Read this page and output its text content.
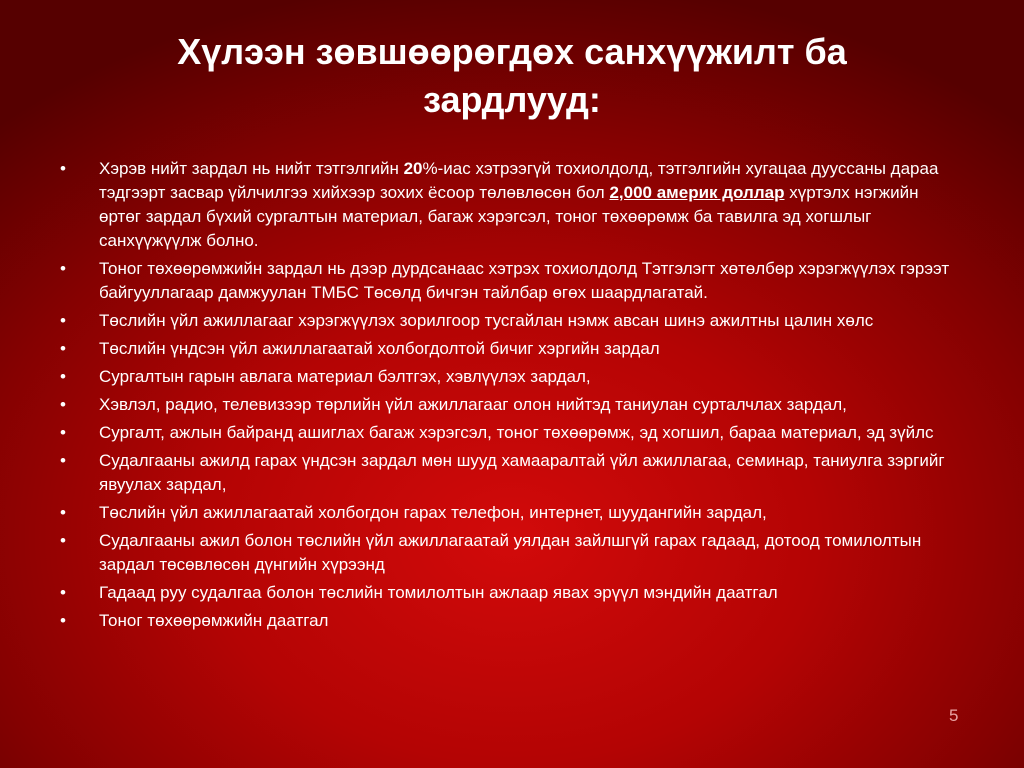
Хүлээн зөвшөөрөгдөх санхүүжилт ба зардлууд:
• Хэрэв нийт зардал нь нийт тэтгэлгийн 20%-иас хэтрээгүй тохиолдолд, тэтгэлгийн хугацаа дууссаны дараа тэдгээрт засвар үйлчилгээ хийхээр зохих ёсоор төлөвлөсөн бол 2,000 америк доллар хүртэлх нэгжийн өртөг зардал бүхий сургалтын материал, багаж хэрэгсэл, тоног төхөөрөмж ба тавилга эд хогшлыг санхүүжүүлж болно.
• Тоног төхөөрөмжийн зардал нь дээр дурдсанаас хэтрэх тохиолдолд Тэтгэлэгт хөтөлбөр хэрэгжүүлэх гэрээт байгууллагаар дамжуулан ТМБС Төсөлд бичгэн тайлбар өгөх шаардлагатай.
• Төслийн үйл ажиллагааг хэрэгжүүлэх зорилгоор тусгайлан нэмж авсан шинэ ажилтны цалин хөлс
• Төслийн үндсэн үйл ажиллагаатай холбогдолтой бичиг хэргийн зардал
• Сургалтын гарын авлага материал бэлтгэх, хэвлүүлэх зардал,
• Хэвлэл, радио, телевизээр төрлийн үйл ажиллагааг олон нийтэд таниулан сурталчлах зардал,
• Сургалт, ажлын байранд ашиглах багаж хэрэгсэл, тоног төхөөрөмж, эд хогшил, бараа материал, эд зүйлс
• Судалгааны ажилд гарах үндсэн зардал мөн шууд хамааралтай үйл ажиллагаа, семинар, таниулга зэргийг явуулах зардал,
• Төслийн үйл ажиллагаатай холбогдон гарах телефон, интернет, шуудангийн зардал,
• Судалгааны ажил болон төслийн үйл ажиллагаатай уялдан зайлшгүй гарах гадаад, дотоод томилолтын зардал төсөвлөсөн дүнгийн хүрээнд
• Гадаад руу судалгаа болон төслийн томилолтын ажлаар явах эрүүл мэндийн даатгал
• Тоног төхөөрөмжийн даатгал
5
